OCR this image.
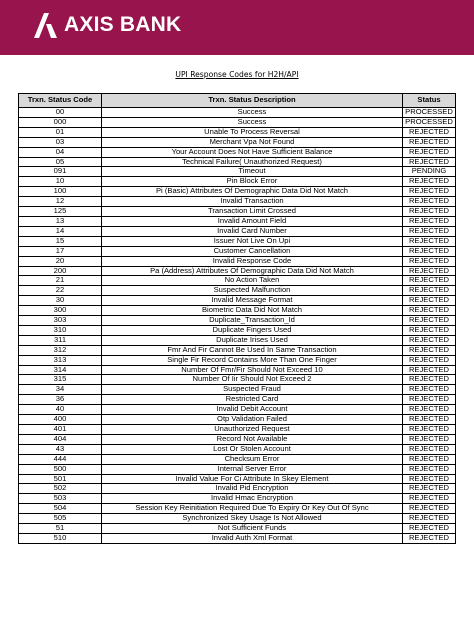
AXIS BANK
UPI Response Codes for H2H/API
Trxn. Status Code	Trxn. Status Description	Status
00	Success	PROCESSED
000	Success	PROCESSED
01	Unable To Process Reversal	REJECTED
03	Merchant Vpa Not Found	REJECTED
04	Your Account Does Not Have Sufficient Balance	REJECTED
05	Technical Failure( Unauthorized Request)	REJECTED
091	Timeout	PENDING
10	Pin Block Error	REJECTED
100	Pi (Basic) Attributes Of Demographic Data Did Not Match	REJECTED
12	Invalid Transaction	REJECTED
125	Transaction Limit Crossed	REJECTED
13	Invalid Amount Field	REJECTED
14	Invalid Card Number	REJECTED
15	Issuer Not Live On Upi	REJECTED
17	Customer Cancellation	REJECTED
20	Invalid Response Code	REJECTED
200	Pa (Address) Attributes Of Demographic Data Did Not Match	REJECTED
21	No Action Taken	REJECTED
22	Suspected Malfunction	REJECTED
30	Invalid Message Format	REJECTED
300	Biometric Data Did Not Match	REJECTED
303	Duplicate_Transaction_Id	REJECTED
310	Duplicate Fingers Used	REJECTED
311	Duplicate Irises Used	REJECTED
312	Fmr And Fir Cannot Be Used In Same Transaction	REJECTED
313	Single Fir Record Contains More Than One Finger	REJECTED
314	Number Of Fmr/Fir Should Not Exceed 10	REJECTED
315	Number Of Iir Should Not Exceed 2	REJECTED
34	Suspected Fraud	REJECTED
36	Restricted Card	REJECTED
40	Invalid Debit Account	REJECTED
400	Otp Validation Failed	REJECTED
401	Unauthorized Request	REJECTED
404	Record Not Available	REJECTED
43	Lost Or Stolen Account	REJECTED
444	Checksum Error	REJECTED
500	Internal Server Error	REJECTED
501	Invalid Value For Ci Attribute In Skey Element	REJECTED
502	Invalid Pid Encryption	REJECTED
503	Invalid Hmac Encryption	REJECTED
504	Session Key Reinitiation Required Due To Expiry Or Key Out Of Sync	REJECTED
505	Synchronized Skey Usage Is Not Allowed	REJECTED
51	Not Sufficient Funds	REJECTED
510	Invalid Auth Xml Format	REJECTED
